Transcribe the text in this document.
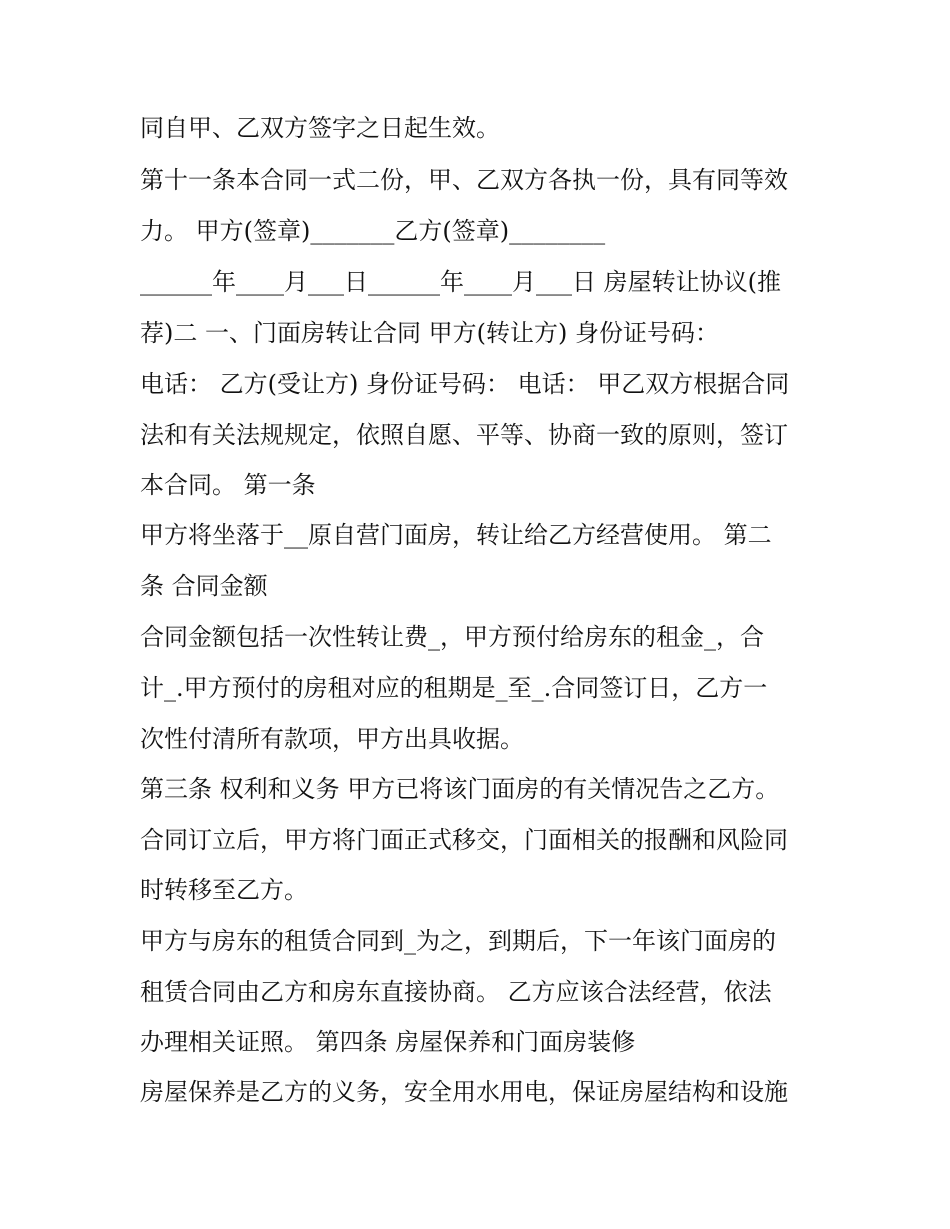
同自甲、乙双方签字之日起生效。

第十一条本合同一式二份，甲、乙双方各执一份，具有同等效

力。 甲方(签章)_______乙方(签章)________

______年____月___日______年____月___日 房屋转让协议(推

荐)二 一、门面房转让合同 甲方(转让方) 身份证号码：

电话： 乙方(受让方) 身份证号码： 电话： 甲乙双方根据合同

法和有关法规规定，依照自愿、平等、协商一致的原则，签订

本合同。 第一条

甲方将坐落于__原自营门面房，转让给乙方经营使用。 第二

条 合同金额

合同金额包括一次性转让费_，甲方预付给房东的租金_，合

计_.甲方预付的房租对应的租期是_至_.合同签订日，乙方一

次性付清所有款项，甲方出具收据。

第三条 权利和义务 甲方已将该门面房的有关情况告之乙方。

合同订立后，甲方将门面正式移交，门面相关的报酬和风险同

时转移至乙方。

甲方与房东的租赁合同到_为之，到期后，下一年该门面房的

租赁合同由乙方和房东直接协商。 乙方应该合法经营，依法

办理相关证照。 第四条 房屋保养和门面房装修

房屋保养是乙方的义务，安全用水用电，保证房屋结构和设施
